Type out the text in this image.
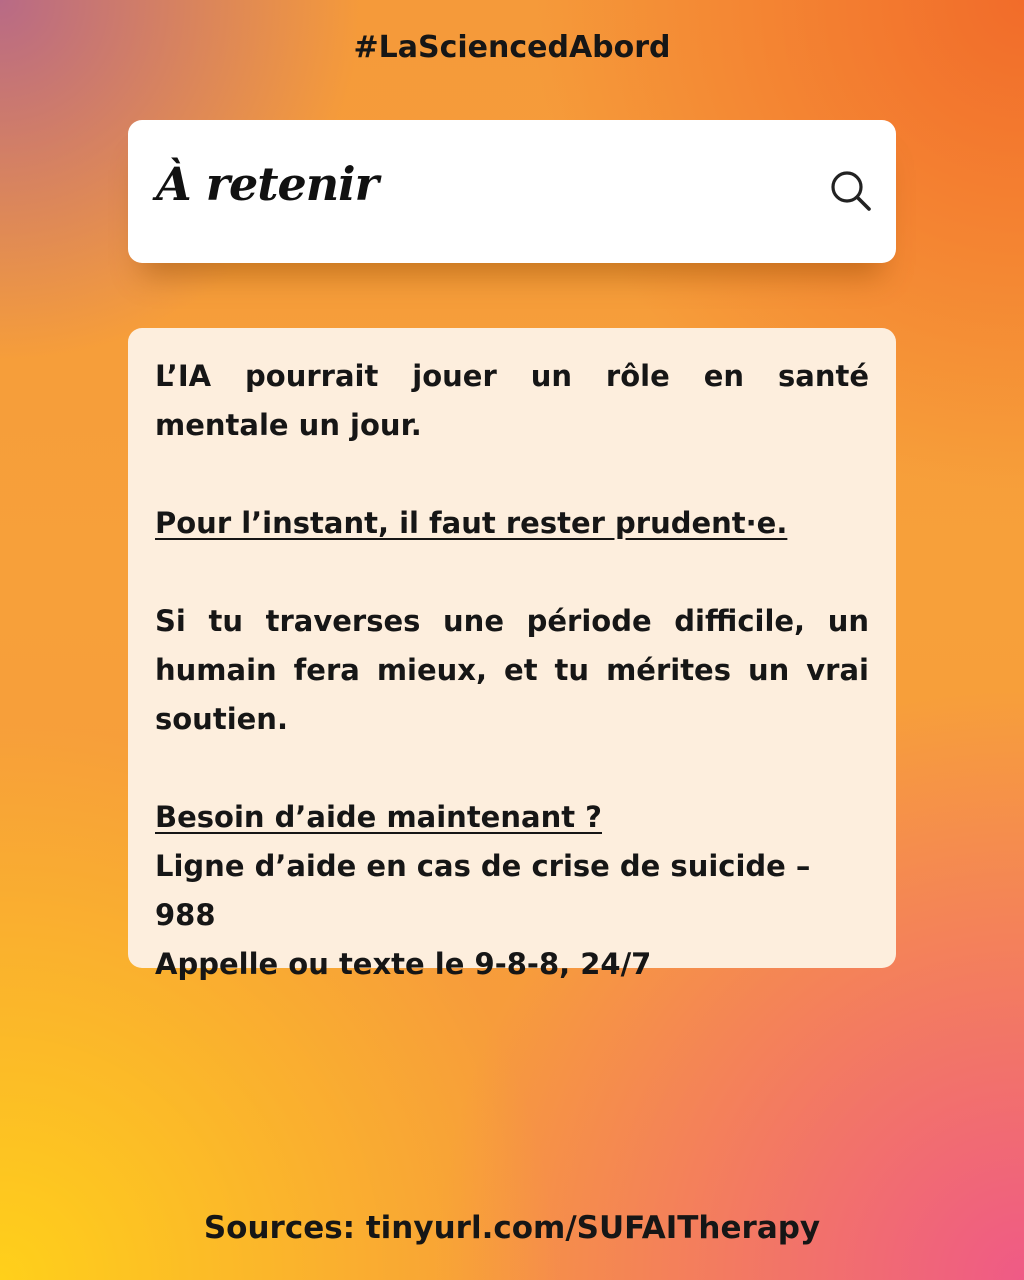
#LaSciencedAbord
À retenir

L’IA pourrait jouer un rôle en santé mentale un jour.

Pour l’instant, il faut rester prudent·e.

Si tu traverses une période difficile, un humain fera mieux, et tu mérites un vrai soutien.

Besoin d’aide maintenant ?

Ligne d’aide en cas de crise de suicide – 988

Appelle ou texte le 9-8-8, 24/7

Sources: tinyurl.com/SUFAITherapy
